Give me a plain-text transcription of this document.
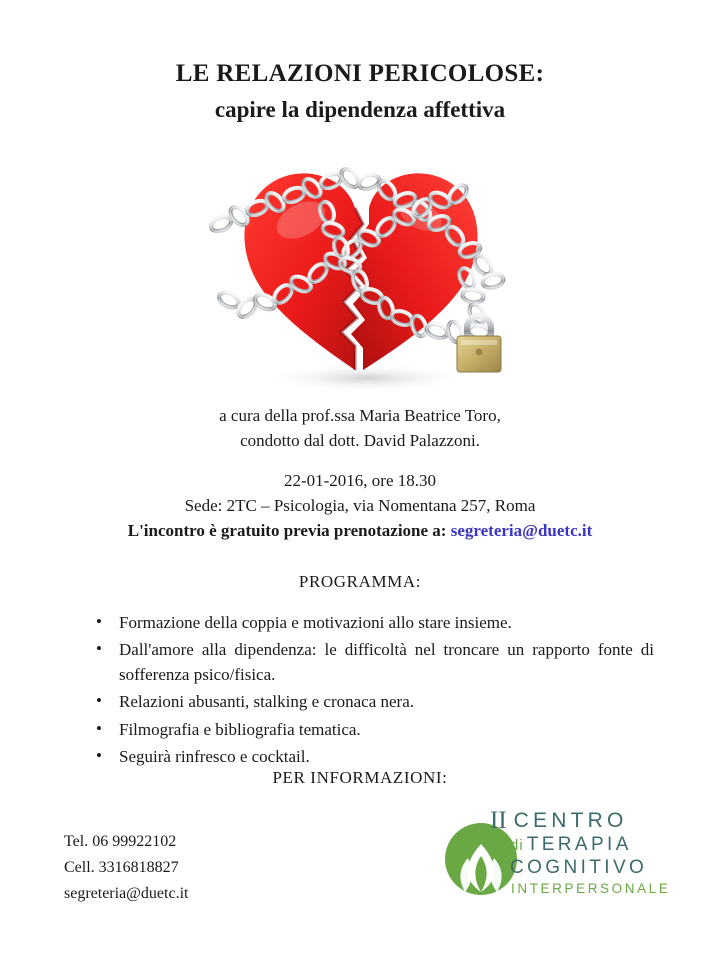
LE RELAZIONI PERICOLOSE:
capire la dipendenza affettiva
a cura della prof.ssa Maria Beatrice Toro,
condotto dal dott. David Palazzoni.
22-01-2016, ore 18.30
Sede: 2TC – Psicologia, via Nomentana 257, Roma
L'incontro è gratuito previa prenotazione a: segreteria@duetc.it
PROGRAMMA:
• Formazione della coppia e motivazioni allo stare insieme.
• Dall'amore alla dipendenza: le difficoltà nel troncare un rapporto fonte di sofferenza psico/fisica.
• Relazioni abusanti, stalking e cronaca nera.
• Filmografia e bibliografia tematica.
• Seguirà rinfresco e cocktail.
PER INFORMAZIONI:
Tel. 06 99922102
Cell. 3316818827
segreteria@duetc.it
II CENTRO
di TERAPIA
COGNITIVO
INTERPERSONALE
